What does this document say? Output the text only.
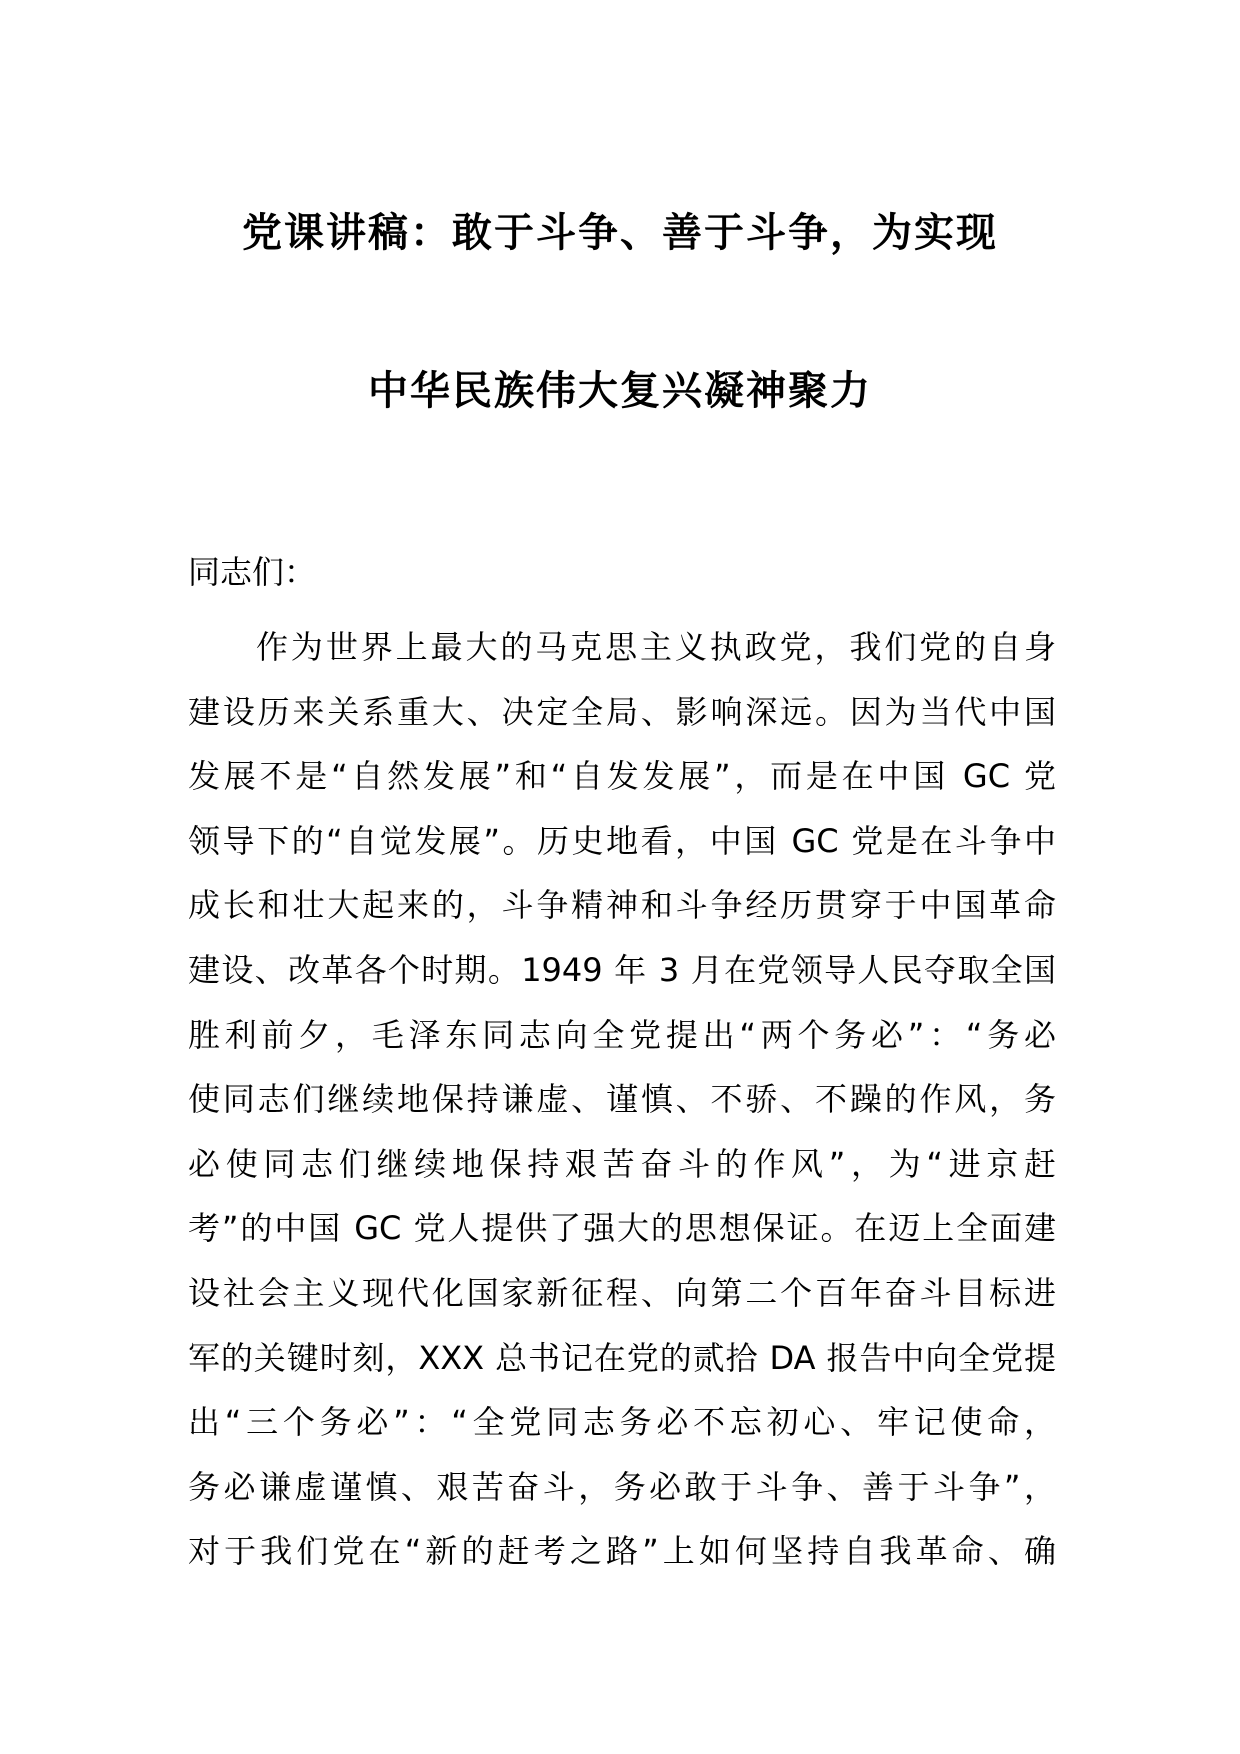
党课讲稿：敢于斗争、善于斗争，为实现
中华民族伟大复兴凝神聚力
同志们：
作为世界上最大的马克思主义执政党，我们党的自身
建设历来关系重大、决定全局、影响深远。因为当代中国
发展不是“自然发展”和“自发发展”，而是在中国 GC 党
领导下的“自觉发展”。历史地看，中国 GC 党是在斗争中
成长和壮大起来的，斗争精神和斗争经历贯穿于中国革命
建设、改革各个时期。1949 年 3 月在党领导人民夺取全国
胜利前夕，毛泽东同志向全党提出“两个务必”：“务必
使同志们继续地保持谦虚、谨慎、不骄、不躁的作风，务
必使同志们继续地保持艰苦奋斗的作风”，为“进京赶
考”的中国 GC 党人提供了强大的思想保证。在迈上全面建
设社会主义现代化国家新征程、向第二个百年奋斗目标进
军的关键时刻，XXX 总书记在党的贰拾 DA 报告中向全党提
出“三个务必”：“全党同志务必不忘初心、牢记使命，
务必谦虚谨慎、艰苦奋斗，务必敢于斗争、善于斗争”，
对于我们党在“新的赶考之路”上如何坚持自我革命、确
